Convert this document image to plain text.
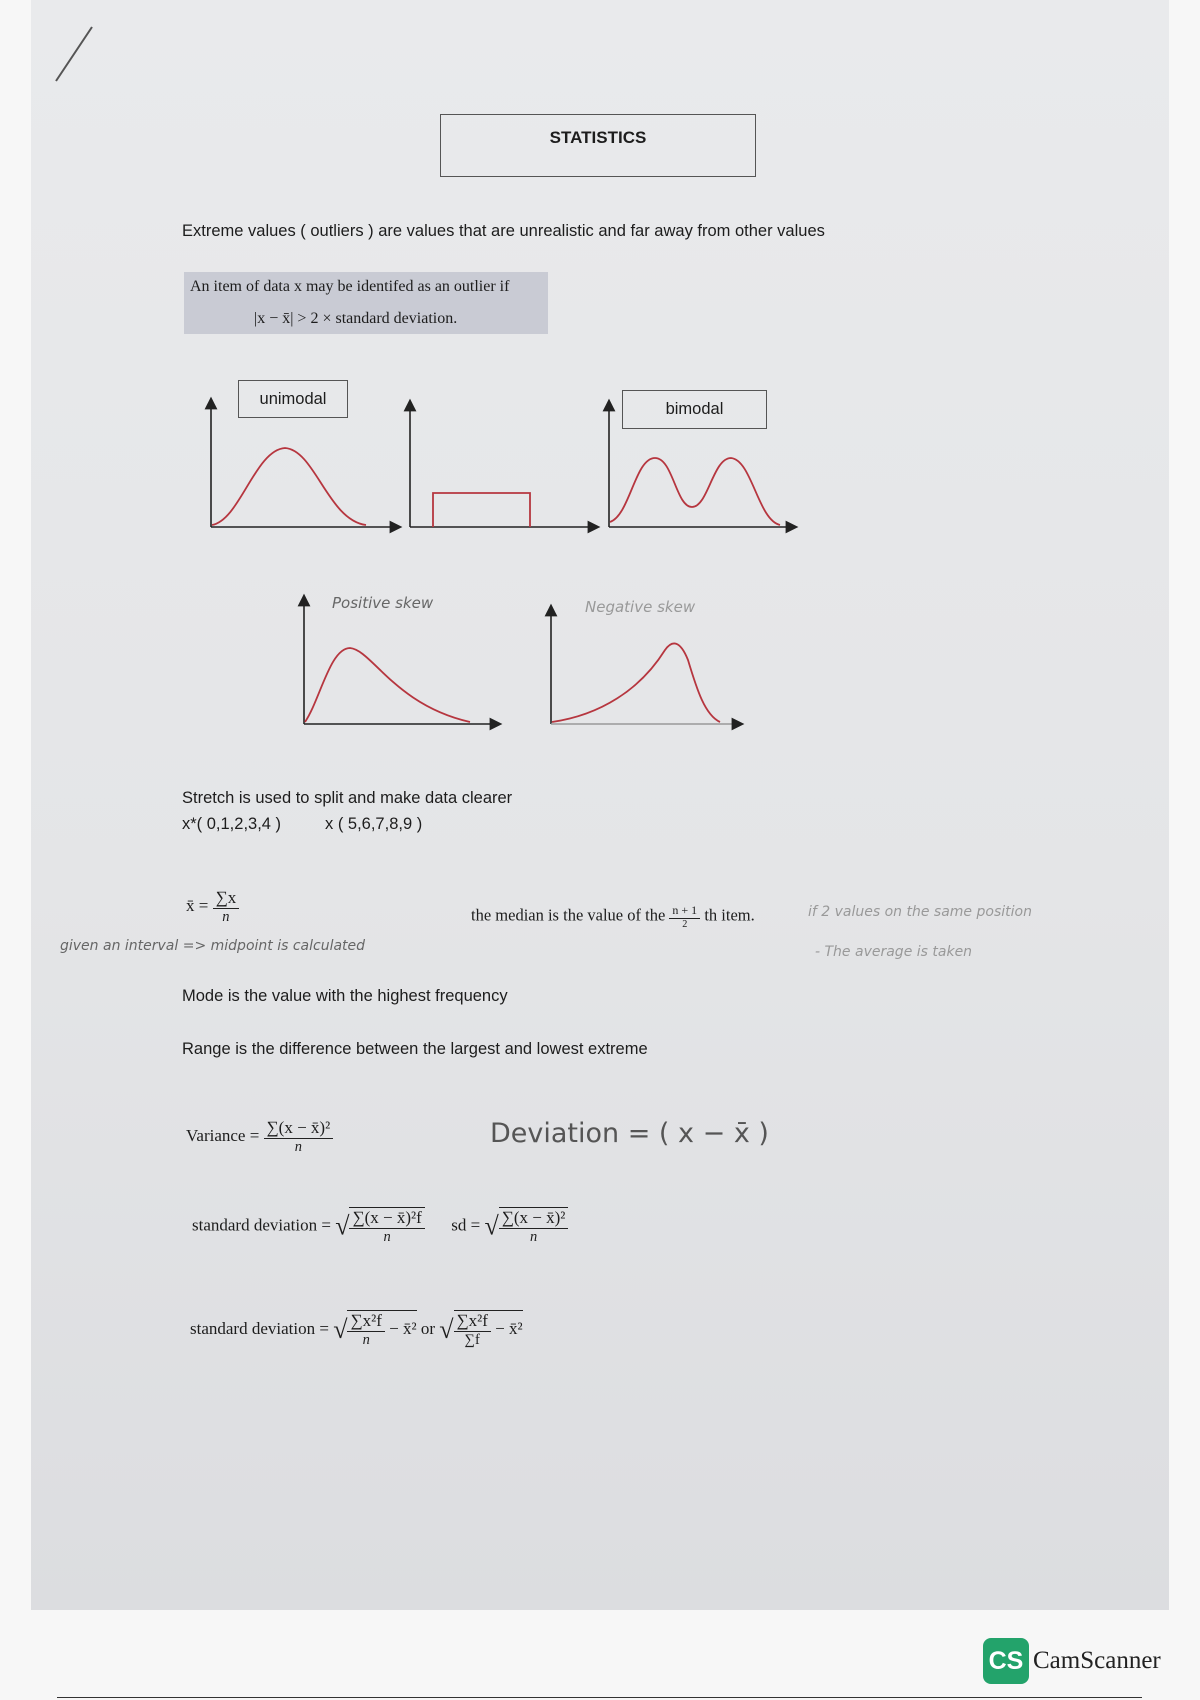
STATISTICS
Extreme values ( outliers ) are values that are unrealistic and far away from other values
An item of data x may be identifed as an outlier if
|x − x̄| > 2 × standard deviation.
unimodal
bimodal
Positive skew	Negative skew
Stretch is used to split and make data clearer
x*( 0,1,2,3,4 )	x ( 5,6,7,8,9 )
x̄ = $\frac{\sum x}{n}$
given an interval => midpoint is calculated
the median is the value of the $\frac{n + 1}{2}$ th item.	if 2 values on the same position
- The average is taken
Mode is the value with the highest frequency
Range is the difference between the largest and lowest extreme
Variance = $\frac{\text{∑(x − x̄)²}}{n}$	Deviation = ( x − x̄ )
standard deviation = √ $\frac{\text{∑(x − x̄)²f}}{n}$ sd = √ $\frac{\text{∑(x − x̄)²}}{n}$
standard deviation = √ $\frac{\text{∑x²f}}{n}$ − x̄² or √ $\frac{\text{∑x²f}}{\sum f}$ − x̄²
CS CamScanner
